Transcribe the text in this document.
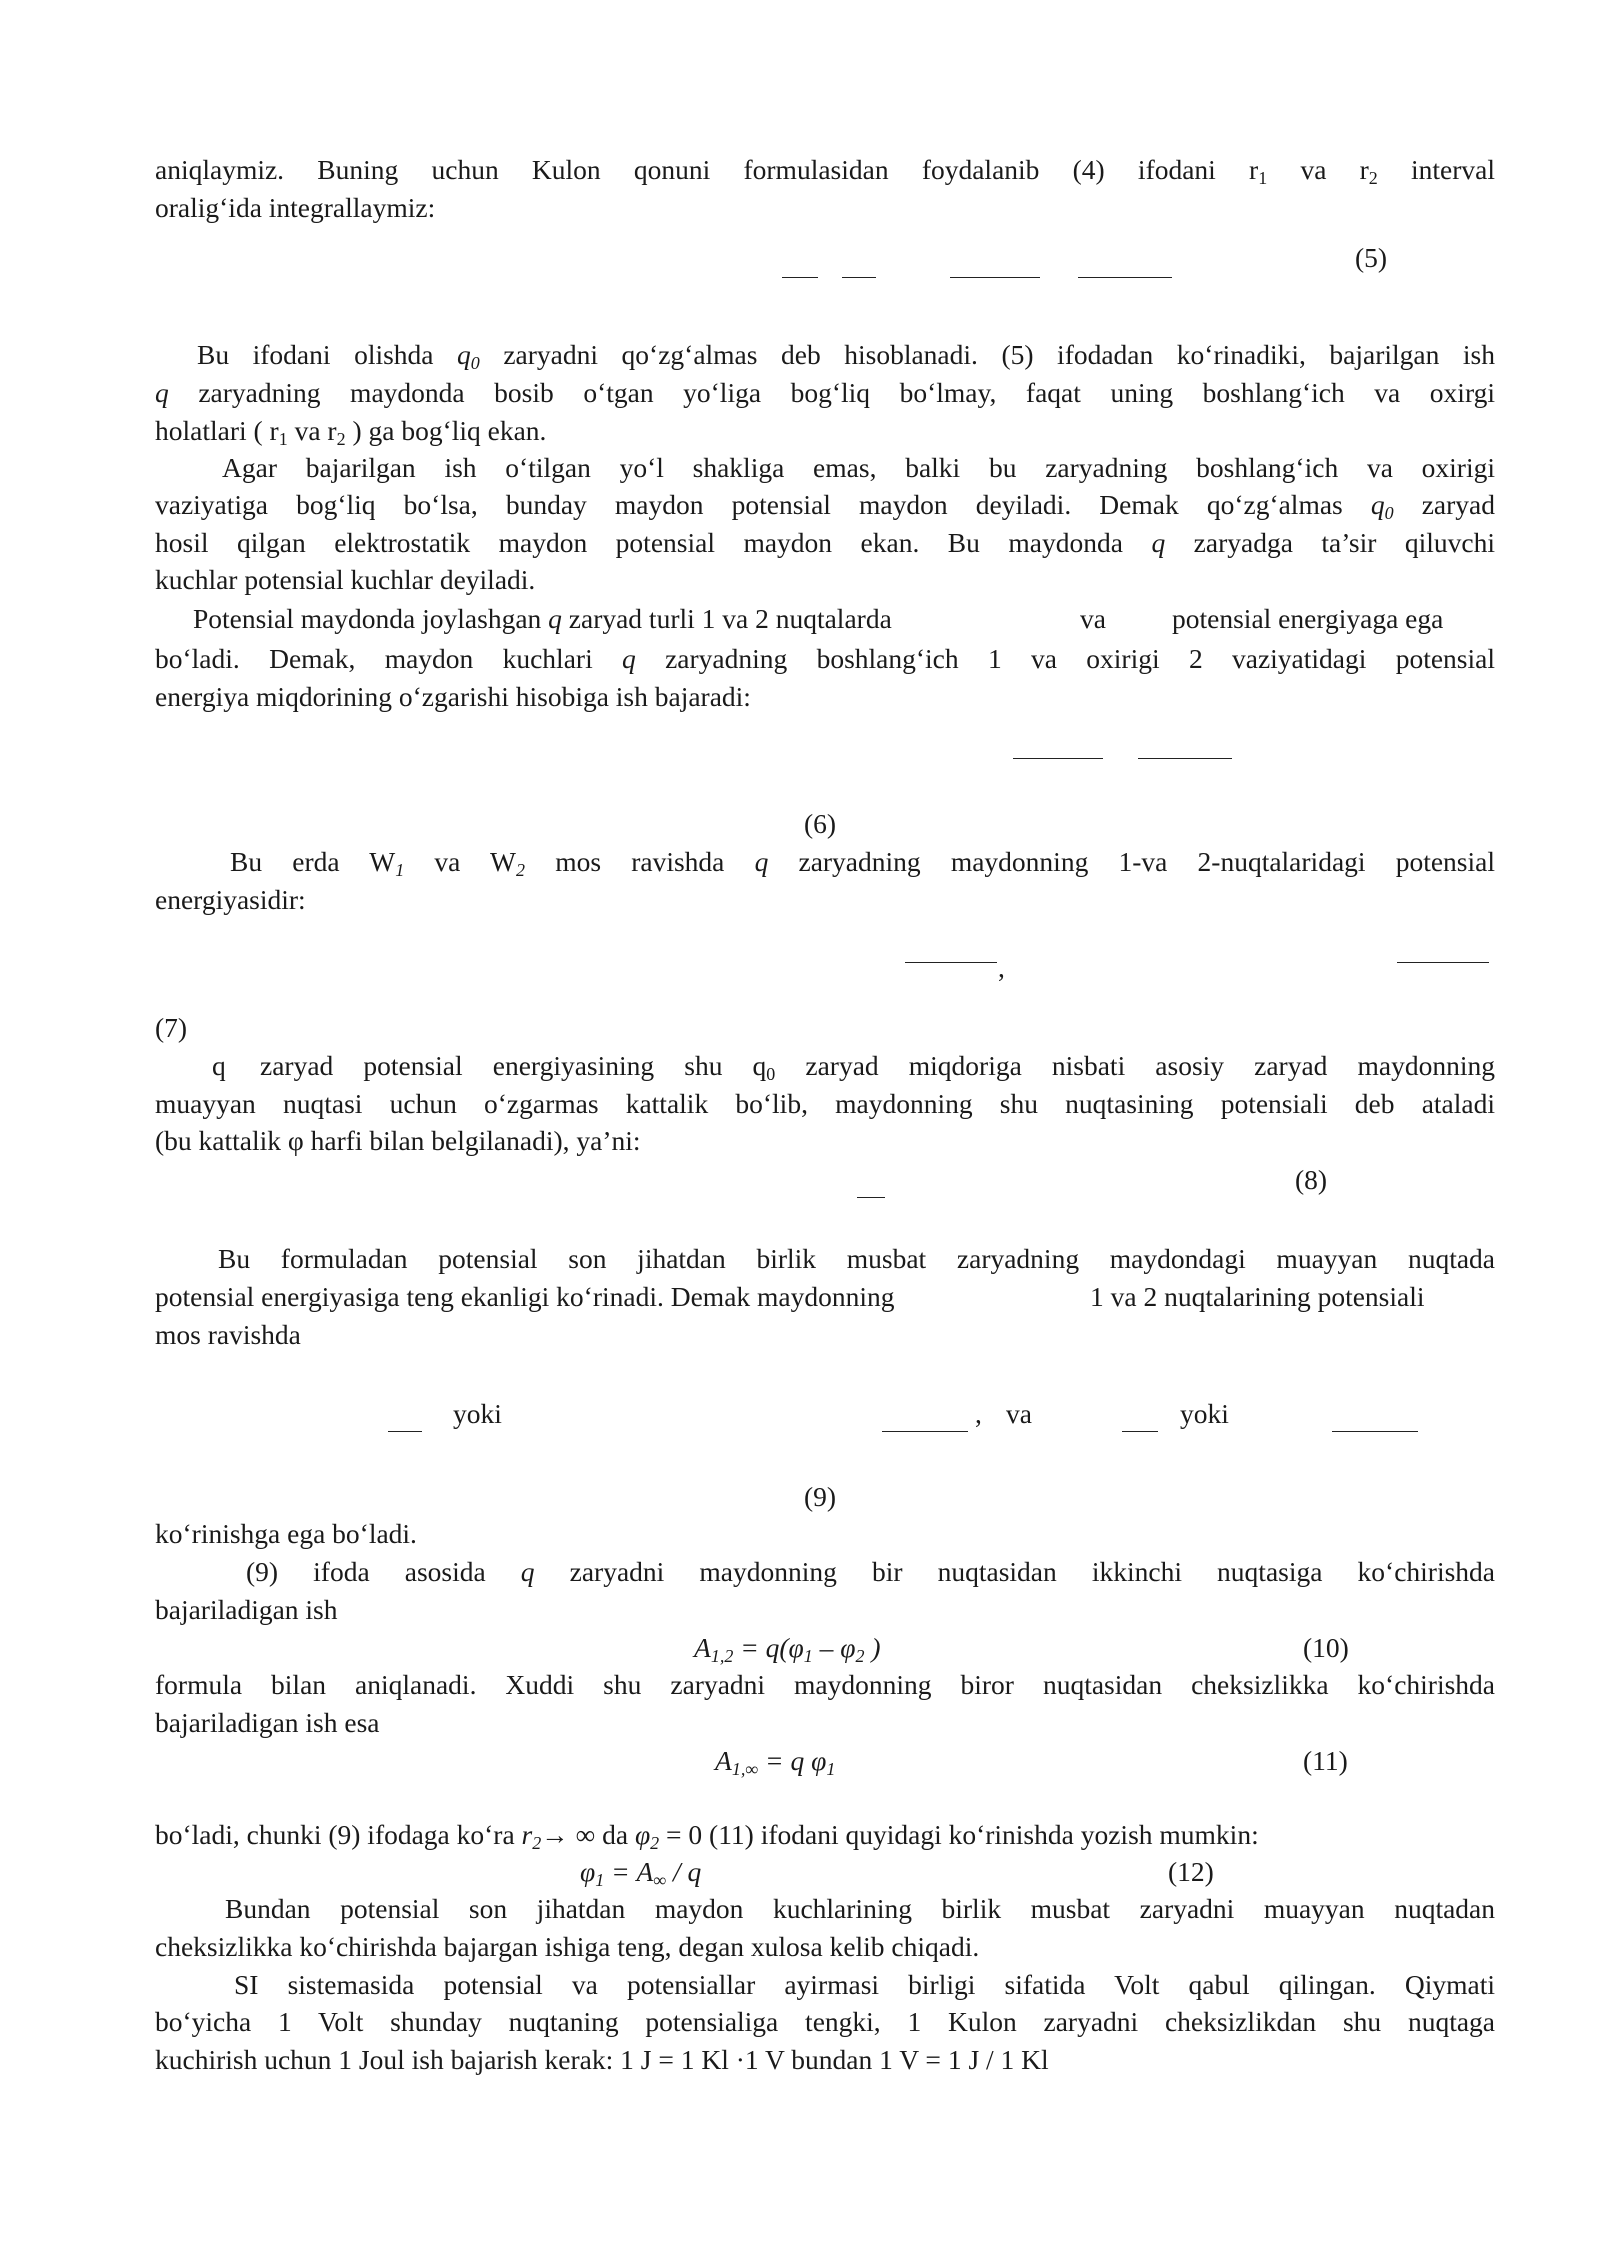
aniqlaymiz. Buning uchun Kulon qonuni formulasidan foydalanib (4) ifodani $r_1$ va $r_2$ interval
oralig‘ida integrallaymiz:
(5)
Bu ifodani olishda $q_0$ zaryadni qo‘zg‘almas deb hisoblanadi. (5) ifodadan ko‘rinadiki, bajarilgan ish
q zaryadning maydonda bosib o‘tgan yo‘liga bog‘liq bo‘lmay, faqat uning boshlang‘ich va oxirgi
holatlari ( $r_1$ va $r_2$ ) ga bog‘liq ekan.
Agar bajarilgan ish o‘tilgan yo‘l shakliga emas, balki bu zaryadning boshlang‘ich va oxirigi
vaziyatiga bog‘liq bo‘lsa, bunday maydon potensial maydon deyiladi. Demak qo‘zg‘almas $q_0$ zaryad
hosil qilgan elektrostatik maydon potensial maydon ekan. Bu maydonda q zaryadga ta’sir qiluvchi
kuchlar potensial kuchlar deyiladi.
Potensial maydonda joylashgan q zaryad turli 1 va 2 nuqtalarda	va potensial energiyaga ega
bo‘ladi. Demak, maydon kuchlari q zaryadning boshlang‘ich 1 va oxirigi 2 vaziyatidagi potensial
energiya miqdorining o‘zgarishi hisobiga ish bajaradi:
(6)
Bu erda $W_1$ va $W_2$ mos ravishda q zaryadning maydonning 1-va 2-nuqtalaridagi potensial
energiyasidir:
,
(7)
q zaryad potensial energiyasining shu $q_0$ zaryad miqdoriga nisbati asosiy zaryad maydonning
muayyan nuqtasi uchun o‘zgarmas kattalik bo‘lib, maydonning shu nuqtasining potensiali deb ataladi
(bu kattalik φ harfi bilan belgilanadi), ya’ni:
(8)
Bu formuladan potensial son jihatdan birlik musbat zaryadning maydondagi muayyan nuqtada
potensial energiyasiga teng ekanligi ko‘rinadi. Demak maydonning	1 va 2 nuqtalarining potensiali
mos ravishda
yoki	, va	yoki
(9)
ko‘rinishga ega bo‘ladi.
(9) ifoda asosida q zaryadni maydonning bir nuqtasidan ikkinchi nuqtasiga ko‘chirishda
bajariladigan ish
$A_{1,2} = q(\varphi_1 - \varphi_2$ )	(10)
formula bilan aniqlanadi. Xuddi shu zaryadni maydonning biror nuqtasidan cheksizlikka ko‘chirishda
bajariladigan ish esa
$A_{1,\infty} = q$ $\varphi_1$	(11)
bo‘ladi, chunki (9) ifodaga ko‘ra $r_2\to$ ∞ da $\varphi_2 = 0$ (11) ifodani quyidagi ko‘rinishda yozish mumkin:
$\varphi_1 = A_\infty / q$	(12)
Bundan potensial son jihatdan maydon kuchlarining birlik musbat zaryadni muayyan nuqtadan
cheksizlikka ko‘chirishda bajargan ishiga teng, degan xulosa kelib chiqadi.
SI sistemasida potensial va potensiallar ayirmasi birligi sifatida Volt qabul qilingan. Qiymati
bo‘yicha 1 Volt shunday nuqtaning potensialiga tengki, 1 Kulon zaryadni cheksizlikdan shu nuqtaga
kuchirish uchun 1 Joul ish bajarish kerak: 1 J = 1 Kl ·1 V bundan 1 V = 1 J / 1 Kl
